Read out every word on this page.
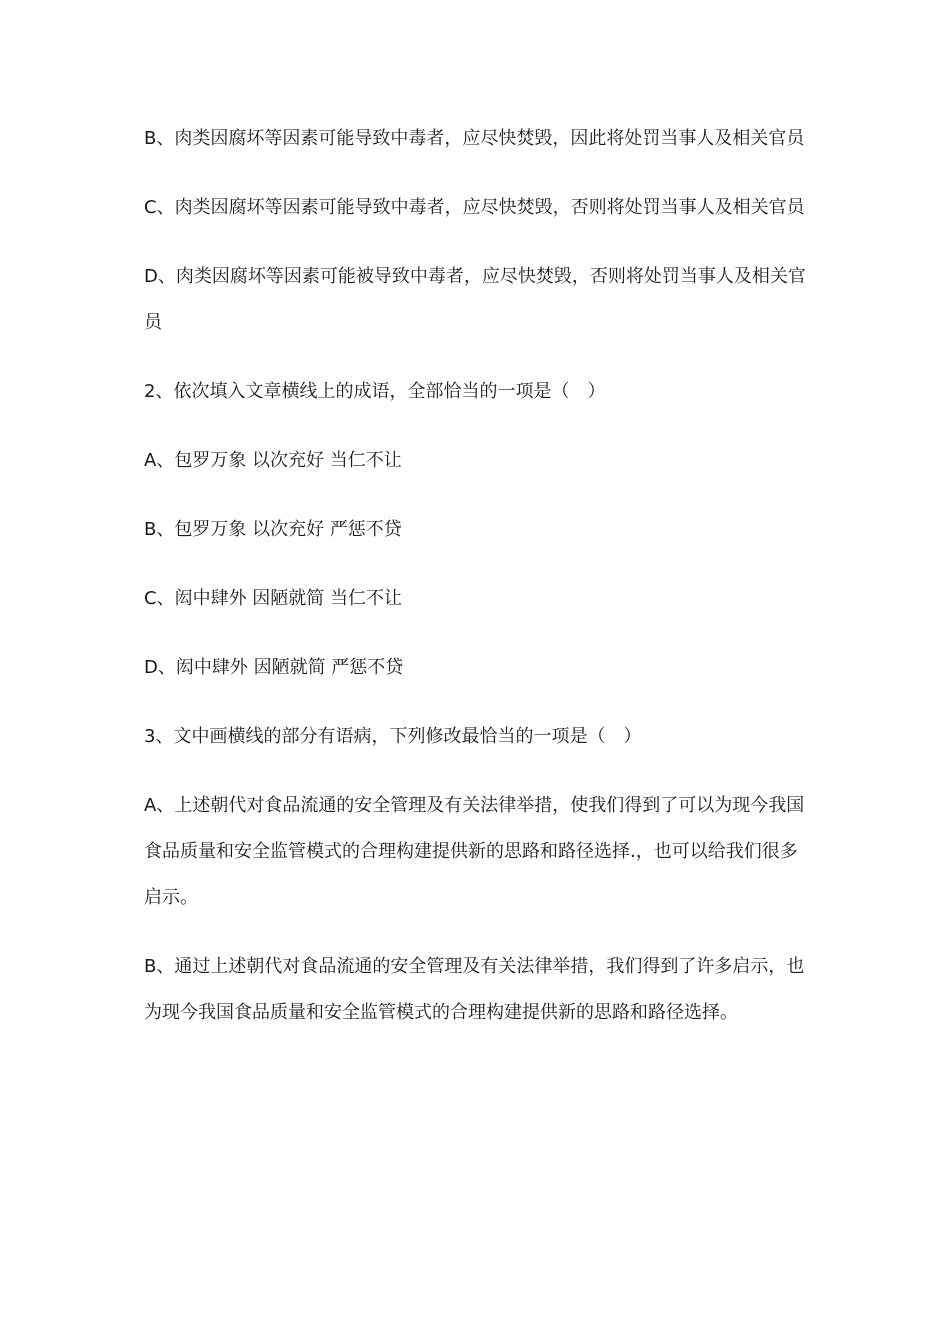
B、肉类因腐坏等因素可能导致中毒者，应尽快焚毁，因此将处罚当事人及相关官员

C、肉类因腐坏等因素可能导致中毒者，应尽快焚毁，否则将处罚当事人及相关官员

D、肉类因腐坏等因素可能被导致中毒者，应尽快焚毁，否则将处罚当事人及相关官员

2、依次填入文章横线上的成语，全部恰当的一项是（　）

A、包罗万象 以次充好 当仁不让

B、包罗万象 以次充好 严惩不贷

C、闳中肆外 因陋就简 当仁不让

D、闳中肆外 因陋就简 严惩不贷

3、文中画横线的部分有语病，下列修改最恰当的一项是（　）

A、上述朝代对食品流通的安全管理及有关法律举措，使我们得到了可以为现今我国食品质量和安全监管模式的合理构建提供新的思路和路径选择.，也可以给我们很多启示。

B、通过上述朝代对食品流通的安全管理及有关法律举措，我们得到了许多启示，也为现今我国食品质量和安全监管模式的合理构建提供新的思路和路径选择。
